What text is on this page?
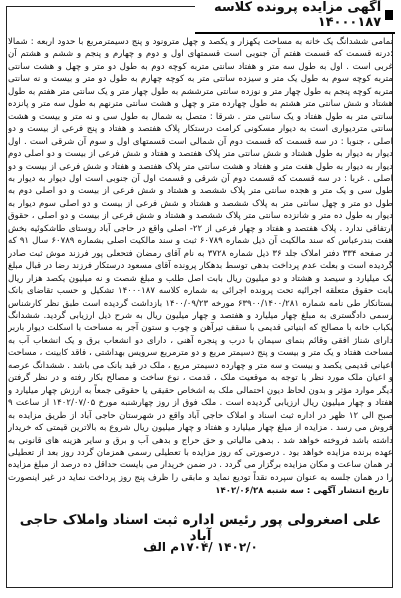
آگهی مزایده پرونده کلاسه ۱۴۰۰۰۱۸۷
تمامی ششدانگ یک خانه به مساحت یکهزار و یکصد و چهل مترونود و پنج دسیمترمربع با حدود اربعه : شمالا :درنه قسمت که قسمت هفتم آن جنوبی است قسمتهای اول و دوم و چهارم و پنجم و ششم و هشتم آن غربی است . اول به طول سه متر و هفتاد سانتی متربه کوچه دوم به طول دو متر و چهل و هشت سانتی متربه کوچه سوم به طول یک متر و سیزده سانتی متر به کوچه چهارم به طول دو متر و بیست و نه سانتی متربه کوچه پنجم به طول چهار متر و نوزده سانتی مترششم به طول چهار متر و یک سانتی متر هفتم به طول هشتاد و شش سانتی متر هشتم به طول چهارده متر و چهل و هشت سانتی مترنهم به طول سه متر و پانزده سانتی متر به طول هفتاد و یک سانتی متر . شرقا : متصل به شمال به طول سی و نه متر و بیست و هشت سانتی متردیواری است به دیوار مسکونی کرامت درستکار پلاک هفتصد و هفتاد و پنج فرعی از بیست و دو اصلی ، جنوبا : در سه قسمت که قسمت دوم آن شمالی است قسمتهای اول و سوم آن شرقی است . اول دیوار به دیوار به طول هشتاد و شش سانتی متر پلاک هفتصد و هفتاد و شش فرعی از بیست و دو اصلی دوم دیوار به دیوار به طول هفت متر و هفتاد و هشت سانتی متر پلاک هفتصد و هفتاد و شش فرعی از بیست و دو اصلی . غربا : در سه قسمت که قسمت دوم آن شرقی و قسمت اول آن جنوبی است اول دیوار به دیوار به طول سی و یک متر و هجده سانتی متر پلاک ششصد و هشتاد و شش فرعی از بیست و دو اصلی دوم به طول دو متر و چهل سانتی متر به پلاک ششصد و هشتاد و شش فرعی از بیست و دو اصلی سوم دیوار به دیوار به طول ده متر و شانزده سانتی متر پلاک ششصد و هشتاد و شش فرعی از بیست و دو اصلی ، حقوق ارتفاقی ندارد . پلاک هفتصد و هفتاد و چهار فرعی از ۲۲- اصلی واقع در حاجی آباد روستای طاشکوئیه بخش هفت بندرعباس که سند مالکیت آن ذیل شماره ۶۰۷۸۹ ثبت و سند مالکیت اصلی بشماره ۶۰۷۸۹ سال ۹۱ که در صفحه ۳۳۴ دفتر املاک جلد ۳۶ ذیل شماره ۳۷۲۸ به نام آقای رمضان فتحعلی پور فرزند موش ثبت صادر گردیده است و بعلت عدم پرداخت بدهی توسط بدهکار پرونده آقای مسعود درستکار فرزند رضا در قبال مبلغ یک میلیارد و سیصد و هشتاد و دو میلیون ریال بابت اصل طلب و مبلغ شصت و نه میلیون یکصد هزار ریال بابت حقوق متعلقه اجرائیه تحت پرونده اجرائی به شماره کلاسه ۱۴۰۰۰۱۸۷ تشکیل و حسب تقاضای بانک بستانکار طی نامه شماره ۶۳۹۰۰/۱۴۰۰/۲۸۱ مورخه ۱۴۰۰/۰۹/۲۳ بازداشت گردیده است طبق نظر کارشناس رسمی دادگستری به مبلغ چهار میلیارد و هفتصد و چهار میلیون ریال به شرح ذیل ارزیابی گردید. ششدانگ یکباب خانه با مصالح که ابنیاتی قدیمی با سقف تیرآهن و چوب و ستون آجر به مساحت با اسکلت دیوار باربر دارای شناژ افقی وقائم بنمای سیمان با درب و پنجره آهنی ، دارای دو انشعاب برق و یک انشعاب آب به مساحت هفتاد و یک متر و بیست و پنج دسیمتر مربع و دو مترمربع سرویس بهداشتی ، فاقد کابینت ، مساحت اعیانی قدیمی یکصد و بیست و سه متر و چهارده دسیمتر مربع ، ملک در قید بانک می باشد . ششدانگ عرصه و اعیان ملک مورد نظر با توجه به موقعیت ملک ، قدمت ، نوع ساخت و مصالح بکار رفته و در نظر گرفتن دیگر موارد مؤثر و بدون لحاظ دیون احتمالی ملک به اشخاص حقیقی یا حقوقی جمعاً به ارزش چهار میلیارد و هفتاد و چهار میلیون ریال ارزیابی گردیده است . ملک فوق از روز چهارشنبه مورخ ۱۴۰۲/۰۷/۰۵ از ساعت ۹ صبح الی ۱۲ ظهر در اداره ثبت اسناد و املاک حاجی آباد واقع در شهرستان حاجی آباد از طریق مزایده به فروش می رسد . مزایده از مبلغ چهار میلیارد و هفتاد و چهار میلیون ریال شروع به بالاترین قیمتی که خریدار داشته باشد فروخته خواهد شد . بدهی مالیاتی و حق حراج و بدهی آب و برق و سایر هزینه های قانونی به عهده برنده مزایده خواهد بود . درصورتی که روز مزایده با تعطیلی رسمی همزمان گردد روز بعد از تعطیلی در همان ساعت و مکان مزایده برگزار می گردد . در ضمن خریدار می بایست حداقل ده درصد از مبلغ مزایده را در همان جلسه به عنوان سپرده نقداً تودیع نماید و مابقی را ظرف پنج روز پرداخت نماید در غیر اینصورت
تاریخ انتشار آگهی : سه شنبه ۱۴۰۲/۰۶/۲۸
علی اصغرولی پور رئیس اداره ثبت اسناد واملاک حاجی آباد
۱۴۰۲/۰ /۱۷۰۴م الف
